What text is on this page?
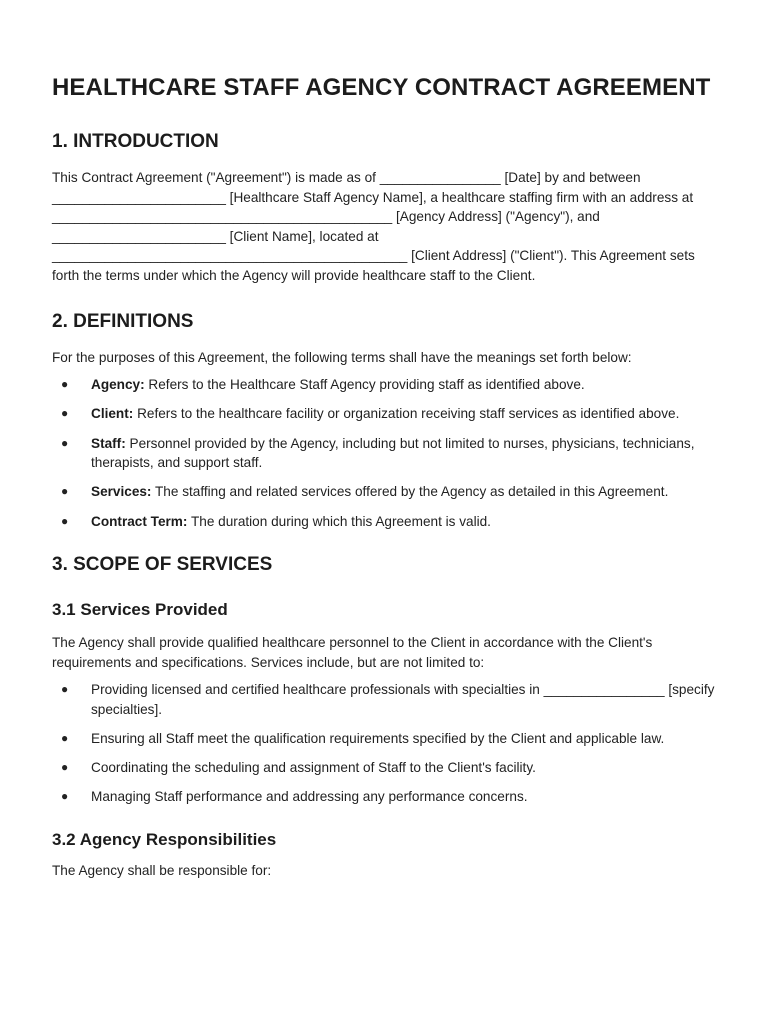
HEALTHCARE STAFF AGENCY CONTRACT AGREEMENT
1. INTRODUCTION

This Contract Agreement ("Agreement") is made as of ________________ [Date] by and between _______________________ [Healthcare Staff Agency Name], a healthcare staffing firm with an address at _____________________________________________ [Agency Address] ("Agency"), and _______________________ [Client Name], located at _______________________________________________ [Client Address] ("Client"). This Agreement sets forth the terms under which the Agency will provide healthcare staff to the Client.

2. DEFINITIONS

For the purposes of this Agreement, the following terms shall have the meanings set forth below:

● Agency: Refers to the Healthcare Staff Agency providing staff as identified above.
● Client: Refers to the healthcare facility or organization receiving staff services as identified above.
● Staff: Personnel provided by the Agency, including but not limited to nurses, physicians, technicians, therapists, and support staff.
● Services: The staffing and related services offered by the Agency as detailed in this Agreement.
● Contract Term: The duration during which this Agreement is valid.
3. SCOPE OF SERVICES
3.1 Services Provided

The Agency shall provide qualified healthcare personnel to the Client in accordance with the Client's requirements and specifications. Services include, but are not limited to:

● Providing licensed and certified healthcare professionals with specialties in ________________ [specify specialties].
● Ensuring all Staff meet the qualification requirements specified by the Client and applicable law.
● Coordinating the scheduling and assignment of Staff to the Client's facility.
● Managing Staff performance and addressing any performance concerns.
3.2 Agency Responsibilities

The Agency shall be responsible for:
